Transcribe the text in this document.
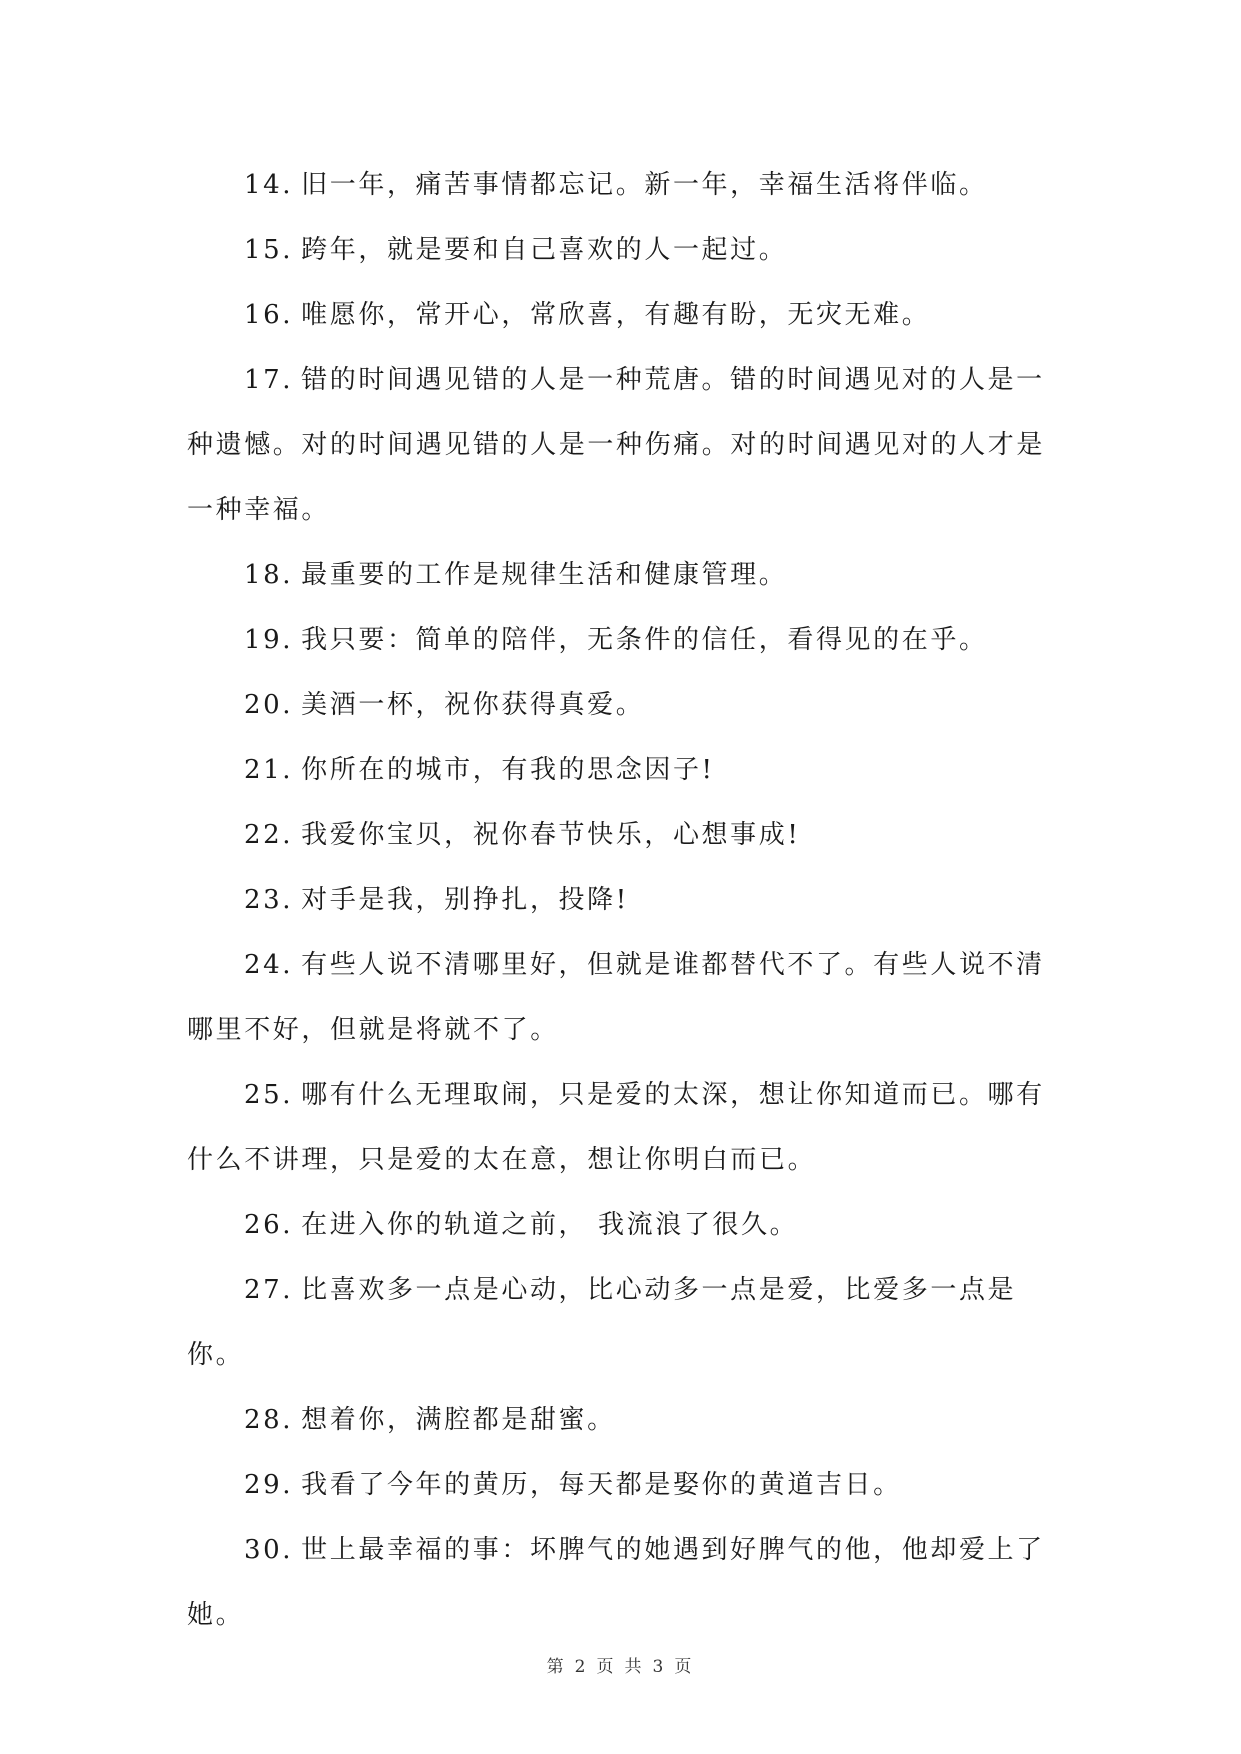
14. 旧一年，痛苦事情都忘记。新一年，幸福生活将伴临。

15. 跨年，就是要和自己喜欢的人一起过。

16. 唯愿你，常开心，常欣喜，有趣有盼，无灾无难。

17. 错的时间遇见错的人是一种荒唐。错的时间遇见对的人是一种遗憾。对的时间遇见错的人是一种伤痛。对的时间遇见对的人才是一种幸福。

18. 最重要的工作是规律生活和健康管理。

19. 我只要：简单的陪伴，无条件的信任，看得见的在乎。

20. 美酒一杯，祝你获得真爱。

21. 你所在的城市，有我的思念因子!

22. 我爱你宝贝，祝你春节快乐，心想事成!

23. 对手是我，别挣扎，投降!

24. 有些人说不清哪里好，但就是谁都替代不了。有些人说不清哪里不好，但就是将就不了。

25. 哪有什么无理取闹，只是爱的太深，想让你知道而已。哪有什么不讲理，只是爱的太在意，想让你明白而已。

26. 在进入你的轨道之前， 我流浪了很久。

27. 比喜欢多一点是心动，比心动多一点是爱，比爱多一点是你。

28. 想着你，满腔都是甜蜜。

29. 我看了今年的黄历，每天都是娶你的黄道吉日。

30. 世上最幸福的事：坏脾气的她遇到好脾气的他，他却爱上了她。

第 2 页 共 3 页
